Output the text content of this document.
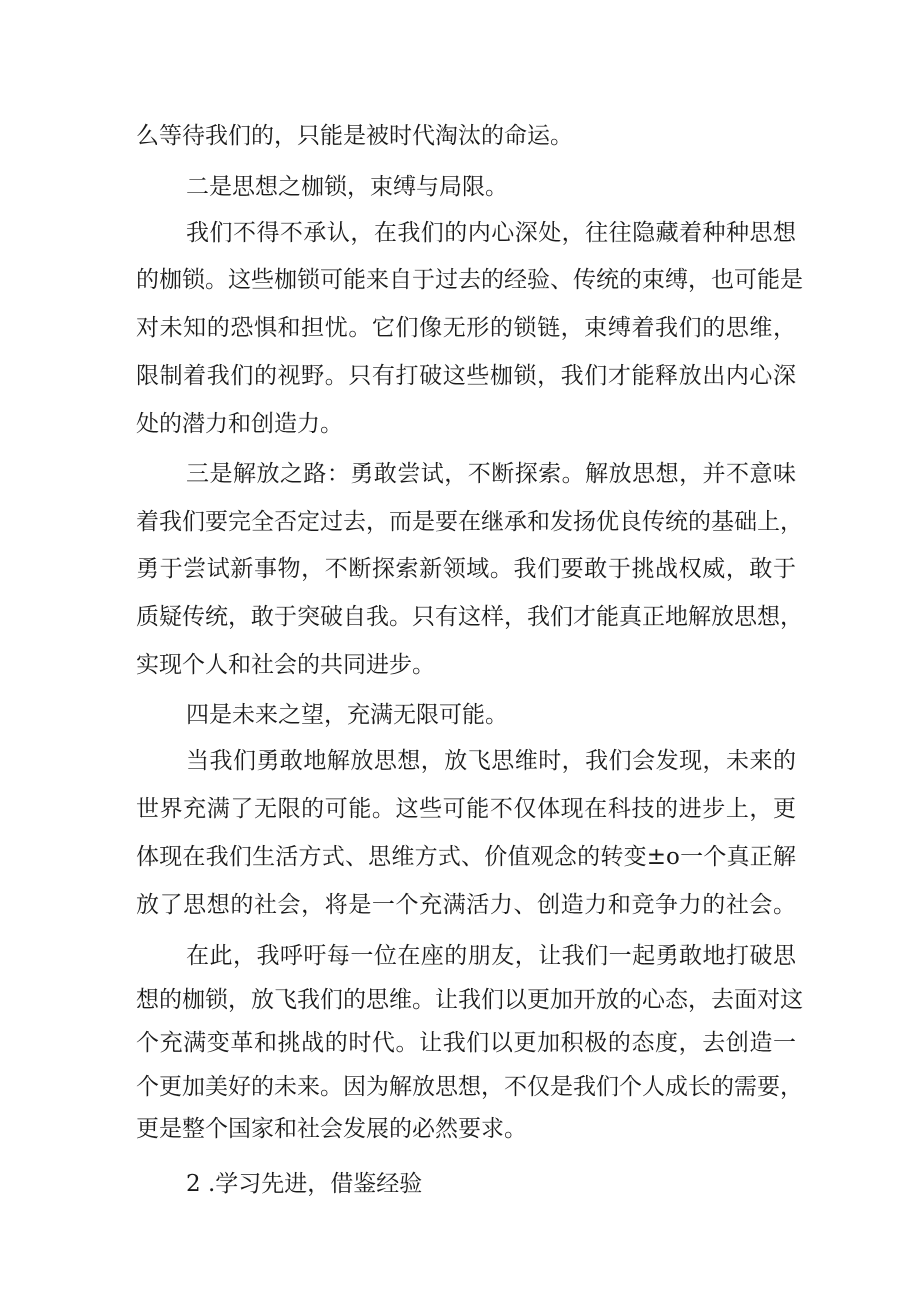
么等待我们的，只能是被时代淘汰的命运。

二是思想之枷锁，束缚与局限。

我们不得不承认，在我们的内心深处，往往隐藏着种种思想

的枷锁。这些枷锁可能来自于过去的经验、传统的束缚，也可能是

对未知的恐惧和担忧。它们像无形的锁链，束缚着我们的思维，

限制着我们的视野。只有打破这些枷锁，我们才能释放出内心深

处的潜力和创造力。

三是解放之路：勇敢尝试，不断探索。解放思想，并不意味

着我们要完全否定过去，而是要在继承和发扬优良传统的基础上，

勇于尝试新事物，不断探索新领域。我们要敢于挑战权威，敢于

质疑传统，敢于突破自我。只有这样，我们才能真正地解放思想，

实现个人和社会的共同进步。

四是未来之望，充满无限可能。

当我们勇敢地解放思想，放飞思维时，我们会发现，未来的

世界充满了无限的可能。这些可能不仅体现在科技的进步上，更

体现在我们生活方式、思维方式、价值观念的转变±o一个真正解

放了思想的社会，将是一个充满活力、创造力和竞争力的社会。

在此，我呼吁每一位在座的朋友，让我们一起勇敢地打破思

想的枷锁，放飞我们的思维。让我们以更加开放的心态，去面对这

个充满变革和挑战的时代。让我们以更加积极的态度，去创造一

个更加美好的未来。因为解放思想，不仅是我们个人成长的需要，

更是整个国家和社会发展的必然要求。

2 .学习先进，借鉴经验
